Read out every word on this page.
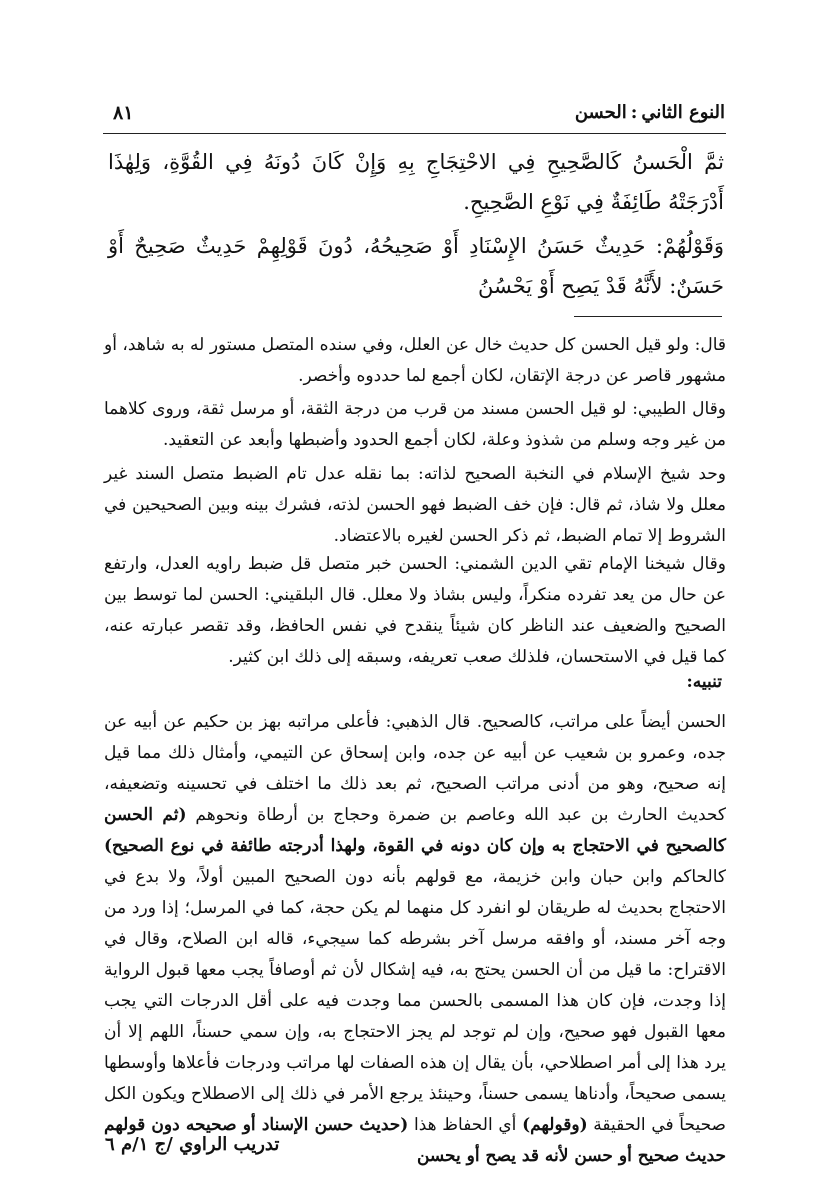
النوع الثاني:الحسن
٨١
ثمَّ الْحَسنُ كَالصَّحِيحِ فِي الاحْتِجَاجِ بِهِ وَإِنْ كَانَ دُونَهُ فِي القُوَّةِ، وَلِهٰذَا أَدْرَجَتْهُ طَائِفَةٌ فِي نَوْعِ الصَّحِيحِ.
وَقَوْلُهُمْ: حَدِيثٌ حَسَنُ الإِسْنَادِ أَوْ صَحِيحُهُ، دُونَ قَوْلِهِمْ حَدِيثٌ صَحِيحٌ أَوْ حَسَنٌ: لأَنَّهُ قَدْ يَصِح أَوْ يَحْسُنُ
قال: ولو قيل الحسن كل حديث خال عن العلل، وفي سنده المتصل مستور له به شاهد، أو مشهور قاصر عن درجة الإتقان، لكان أجمع لما حددوه وأخصر.
وقال الطيبي: لو قيل الحسن مسند من قرب من درجة الثقة، أو مرسل ثقة، وروى كلاهما من غير وجه وسلم من شذوذ وعلة، لكان أجمع الحدود وأضبطها وأبعد عن التعقيد.
وحد شيخ الإسلام في النخبة الصحيح لذاته: بما نقله عدل تام الضبط متصل السند غير معلل ولا شاذ، ثم قال: فإن خف الضبط فهو الحسن لذته، فشرك بينه وبين الصحيحين في الشروط إلا تمام الضبط، ثم ذكر الحسن لغيره بالاعتضاد.
وقال شيخنا الإمام تقي الدين الشمني: الحسن خبر متصل قل ضبط راويه العدل، وارتفع عن حال من يعد تفرده منكراً، وليس بشاذ ولا معلل. قال البلقيني: الحسن لما توسط بين الصحيح والضعيف عند الناظر كان شيئاً ينقدح في نفس الحافظ، وقد تقصر عبارته عنه، كما قيل في الاستحسان، فلذلك صعب تعريفه، وسبقه إلى ذلك ابن كثير.
تنبيه:
الحسن أيضاً على مراتب، كالصحيح. قال الذهبي: فأعلى مراتبه بهز بن حكيم عن أبيه عن جده، وعمرو بن شعيب عن أبيه عن جده، وابن إسحاق عن التيمي، وأمثال ذلك مما قيل إنه صحيح، وهو من أدنى مراتب الصحيح، ثم بعد ذلك ما اختلف في تحسينه وتضعيفه، كحديث الحارث بن عبد الله وعاصم بن ضمرة وحجاج بن أرطاة ونحوهم (ثم الحسن كالصحيح في الاحتجاج به وإن كان دونه في القوة، ولهذا أدرجته طائفة في نوع الصحيح) كالحاكم وابن حبان وابن خزيمة، مع قولهم بأنه دون الصحيح المبين أولاً، ولا بدع في الاحتجاج بحديث له طريقان لو انفرد كل منهما لم يكن حجة، كما في المرسل؛ إذا ورد من وجه آخر مسند، أو وافقه مرسل آخر بشرطه كما سيجيء، قاله ابن الصلاح، وقال في الاقتراح: ما قيل من أن الحسن يحتج به، فيه إشكال لأن ثم أوصافاً يجب معها قبول الرواية إذا وجدت، فإن كان هذا المسمى بالحسن مما وجدت فيه على أقل الدرجات التي يجب معها القبول فهو صحيح، وإن لم توجد لم يجز الاحتجاج به، وإن سمي حسناً، اللهم إلا أن يرد هذا إلى أمر اصطلاحي، بأن يقال إن هذه الصفات لها مراتب ودرجات فأعلاها وأوسطها يسمى صحيحاً، وأدناها يسمى حسناً، وحينئذ يرجع الأمر في ذلك إلى الاصطلاح ويكون الكل صحيحاً في الحقيقة (وقولهم) أي الحفاظ هذا (حديث حسن الإسناد أو صحيحه دون قولهم حديث صحيح أو حسن لأنه قد يصح أو يحسن
تدريب الراوي /ج ١/م ٦
